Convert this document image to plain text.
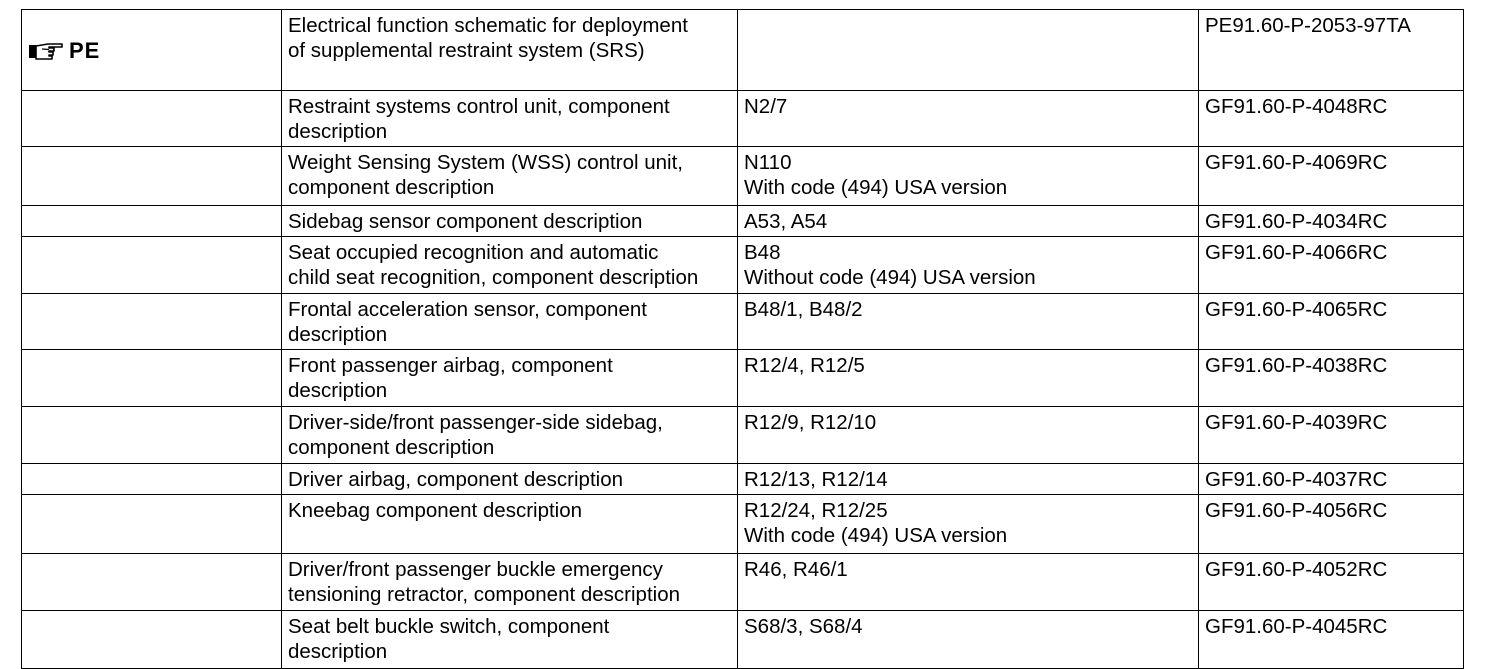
PE	Electrical function schematic for deployment
of supplemental restraint system (SRS)		PE91.60-P-2053-97TA
	Restraint systems control unit, component
description	N2/7	GF91.60-P-4048RC
	Weight Sensing System (WSS) control unit,
component description	N110
With code (494) USA version	GF91.60-P-4069RC
	Sidebag sensor component description	A53, A54	GF91.60-P-4034RC
	Seat occupied recognition and automatic
child seat recognition, component description	B48
Without code (494) USA version	GF91.60-P-4066RC
	Frontal acceleration sensor, component
description	B48/1, B48/2	GF91.60-P-4065RC
	Front passenger airbag, component
description	R12/4, R12/5	GF91.60-P-4038RC
	Driver-side/front passenger-side sidebag,
component description	R12/9, R12/10	GF91.60-P-4039RC
	Driver airbag, component description	R12/13, R12/14	GF91.60-P-4037RC
	Kneebag component description	R12/24, R12/25
With code (494) USA version	GF91.60-P-4056RC
	Driver/front passenger buckle emergency
tensioning retractor, component description	R46, R46/1	GF91.60-P-4052RC
	Seat belt buckle switch, component
description	S68/3, S68/4	GF91.60-P-4045RC
